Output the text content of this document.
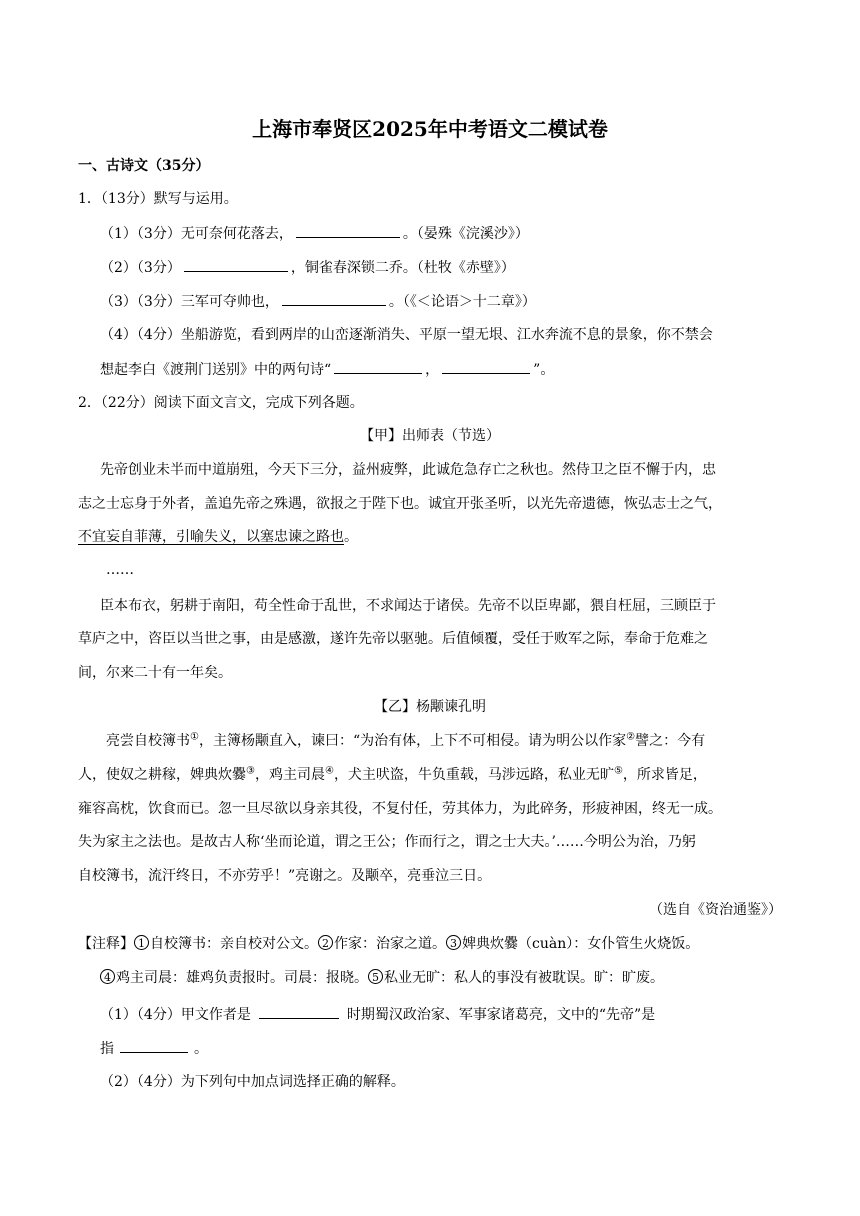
上海市奉贤区2025年中考语文二模试卷
一、古诗文（35分）
1．（13分）默写与运用。
（1）（3分）无可奈何花落去，	。（晏殊《浣溪沙》）
（2）（3分）	，铜雀春深锁二乔。（杜牧《赤壁》）
（3）（3分）三军可夺帅也，	。（《＜论语＞十二章》）
（4）（4分）坐船游览，看到两岸的山峦逐渐消失、平原一望无垠、江水奔流不息的景象，你不禁会
想起李白《渡荆门送别》中的两句诗“	，	”。
2．（22分）阅读下面文言文，完成下列各题。
【甲】出师表（节选）
先帝创业未半而中道崩殂，今天下三分，益州疲弊，此诚危急存亡之秋也。然侍卫之臣不懈于内，忠
志之士忘身于外者，盖追先帝之殊遇，欲报之于陛下也。诚宜开张圣听，以光先帝遗德，恢弘志士之气，
不宜妄自菲薄，引喻失义，以塞忠谏之路也。
……
臣本布衣，躬耕于南阳，苟全性命于乱世，不求闻达于诸侯。先帝不以臣卑鄙，猥自枉屈，三顾臣于
草庐之中，咨臣以当世之事，由是感激，遂许先帝以驱驰。后值倾覆，受任于败军之际，奉命于危难之
间，尔来二十有一年矣。
【乙】杨颙谏孔明
亮尝自校簿书①，主簿杨颙直入，谏曰：“为治有体，上下不可相侵。请为明公以作家②譬之：今有
人，使奴之耕稼，婢典炊爨③，鸡主司晨④，犬主吠盗，牛负重载，马涉远路，私业无旷⑤，所求皆足，
雍容高枕，饮食而已。忽一旦尽欲以身亲其役，不复付任，劳其体力，为此碎务，形疲神困，终无一成。
失为家主之法也。是故古人称‘坐而论道，谓之王公；作而行之，谓之士大夫。’……今明公为治，乃躬
自校簿书，流汗终日，不亦劳乎！”亮谢之。及颙卒，亮垂泣三日。
（选自《资治通鉴》）
【注释】 1 自校簿书：亲自校对公文。 2 作家：治家之道。 3 婢典炊爨（cuàn）：女仆管生火烧饭。
4 鸡主司晨：雄鸡负责报时。司晨：报晓。 5 私业无旷：私人的事没有被耽误。旷：旷废。
（1）（4分）甲文作者是	时期蜀汉政治家、军事家诸葛亮，文中的“先帝”是
指	。
（2）（4分）为下列句中加点词选择正确的解释。
